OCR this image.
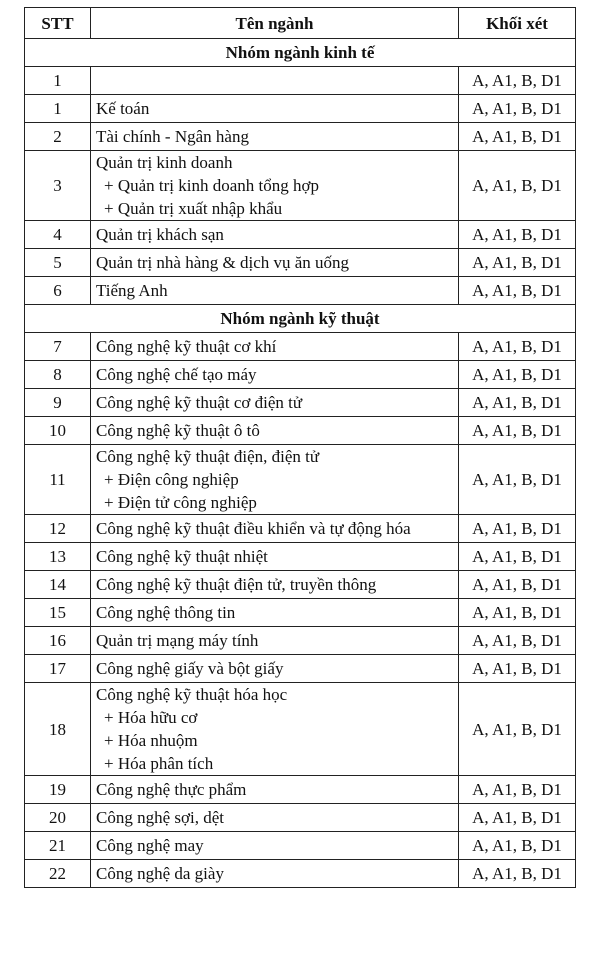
STT	Tên ngành	Khối xét
Nhóm ngành kinh tế		
1		A, A1, B, D1
1	Kế toán	A, A1, B, D1
2	Tài chính - Ngân hàng	A, A1, B, D1
3	Quản trị kinh doanh
+ Quản trị kinh doanh tổng hợp
+ Quản trị xuất nhập khẩu	A, A1, B, D1
4	Quản trị khách sạn	A, A1, B, D1
5	Quản trị nhà hàng & dịch vụ ăn uống	A, A1, B, D1
6	Tiếng Anh	A, A1, B, D1
Nhóm ngành kỹ thuật		
7	Công nghệ kỹ thuật cơ khí	A, A1, B, D1
8	Công nghệ chế tạo máy	A, A1, B, D1
9	Công nghệ kỹ thuật cơ điện tử	A, A1, B, D1
10	Công nghệ kỹ thuật ô tô	A, A1, B, D1
11	Công nghệ kỹ thuật điện, điện tử
+ Điện công nghiệp
+ Điện tử công nghiệp	A, A1, B, D1
12	Công nghệ kỹ thuật điều khiển và tự động hóa	A, A1, B, D1
13	Công nghệ kỹ thuật nhiệt	A, A1, B, D1
14	Công nghệ kỹ thuật điện tử, truyền thông	A, A1, B, D1
15	Công nghệ thông tin	A, A1, B, D1
16	Quản trị mạng máy tính	A, A1, B, D1
17	Công nghệ giấy và bột giấy	A, A1, B, D1
18	Công nghệ kỹ thuật hóa học
+ Hóa hữu cơ
+ Hóa nhuộm
+ Hóa phân tích	A, A1, B, D1
19	Công nghệ thực phẩm	A, A1, B, D1
20	Công nghệ sợi, dệt	A, A1, B, D1
21	Công nghệ may	A, A1, B, D1
22	Công nghệ da giày	A, A1, B, D1
